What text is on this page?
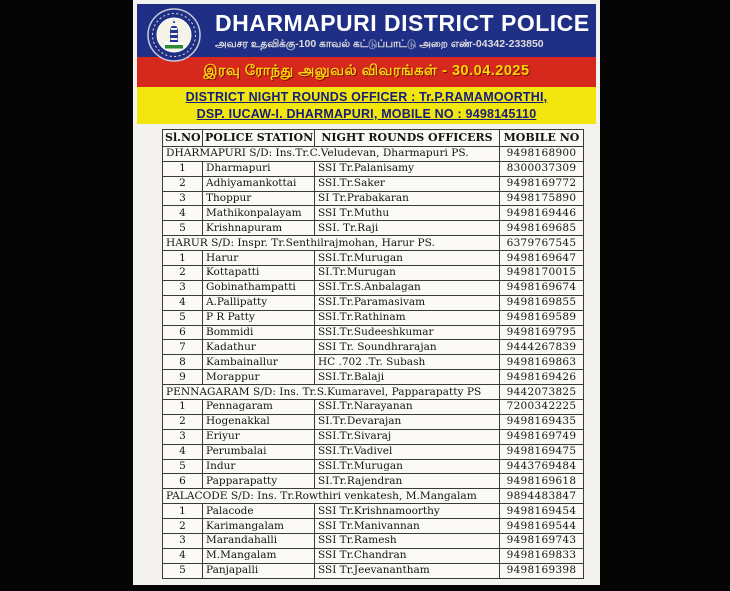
DHARMAPURI DISTRICT POLICE
அவசர உதவிக்கு-100 காவல் கட்டுப்பாட்டு அறை எண்-04342-233850
இரவு ரோந்து அலுவல் விவரங்கள் - 30.04.2025
DISTRICT NIGHT ROUNDS OFFICER : Tr.P.RAMAMOORTHI,
DSP. IUCAW-I. DHARMAPURI, MOBILE NO : 9498145110
Sl.NO	POLICE STATION	NIGHT ROUNDS OFFICERS	MOBILE NO
DHARMAPURI S/D: Ins.Tr.C.Veludevan, Dharmapuri PS.			9498168900
1	Dharmapuri	SSI Tr.Palanisamy	8300037309
2	Adhiyamankottai	SSI.Tr.Saker	9498169772
3	Thoppur	SI Tr.Prabakaran	9498175890
4	Mathikonpalayam	SSI Tr.Muthu	9498169446
5	Krishnapuram	SSI. Tr.Raji	9498169685
HARUR S/D: Inspr. Tr.Senthilrajmohan, Harur PS.			6379767545
1	Harur	SSI.Tr.Murugan	9498169647
2	Kottapatti	SI.Tr.Murugan	9498170015
3	Gobinathampatti	SSI.Tr.S.Anbalagan	9498169674
4	A.Pallipatty	SSI.Tr.Paramasivam	9498169855
5	P R Patty	SSI.Tr.Rathinam	9498169589
6	Bommidi	SSI.Tr.Sudeeshkumar	9498169795
7	Kadathur	SSI Tr. Soundhrarajan	9444267839
8	Kambainallur	HC .702 .Tr. Subash	9498169863
9	Morappur	SSI.Tr.Balaji	9498169426
PENNAGARAM S/D: Ins. Tr.S.Kumaravel, Papparapatty PS			9442073825
1	Pennagaram	SSI.Tr.Narayanan	7200342225
2	Hogenakkal	SI.Tr.Devarajan	9498169435
3	Eriyur	SSI.Tr.Sivaraj	9498169749
4	Perumbalai	SSI.Tr.Vadivel	9498169475
5	Indur	SSI.Tr.Murugan	9443769484
6	Papparapatty	SI.Tr.Rajendran	9498169618
PALACODE S/D: Ins. Tr.Rowthiri venkatesh, M.Mangalam			9894483847
1	Palacode	SSI Tr.Krishnamoorthy	9498169454
2	Karimangalam	SSI Tr.Manivannan	9498169544
3	Marandahalli	SSI Tr.Ramesh	9498169743
4	M.Mangalam	SSI Tr.Chandran	9498169833
5	Panjapalli	SSI Tr.Jeevanantham	9498169398
